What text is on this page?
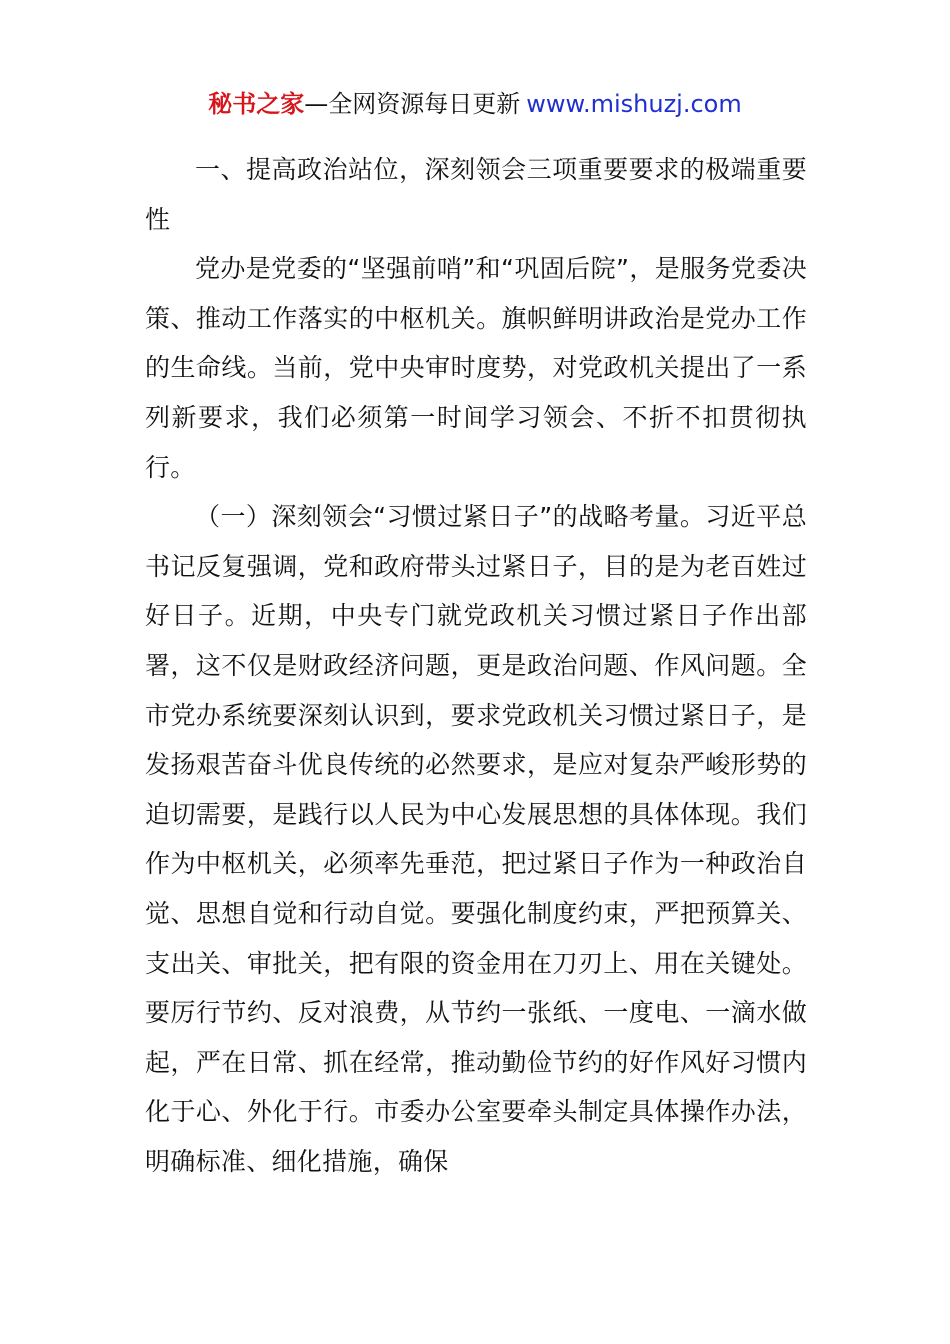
秘书之家—全网资源每日更新 www.mishuzj.com

一、提高政治站位，深刻领会三项重要要求的极端重要性

党办是党委的“坚强前哨”和“巩固后院”，是服务党委决策、推动工作落实的中枢机关。旗帜鲜明讲政治是党办工作的生命线。当前，党中央审时度势，对党政机关提出了一系列新要求，我们必须第一时间学习领会、不折不扣贯彻执行。

（一）深刻领会“习惯过紧日子”的战略考量。习近平总书记反复强调，党和政府带头过紧日子，目的是为老百姓过好日子。近期，中央专门就党政机关习惯过紧日子作出部署，这不仅是财政经济问题，更是政治问题、作风问题。全市党办系统要深刻认识到，要求党政机关习惯过紧日子，是发扬艰苦奋斗优良传统的必然要求，是应对复杂严峻形势的迫切需要，是践行以人民为中心发展思想的具体体现。我们作为中枢机关，必须率先垂范，把过紧日子作为一种政治自觉、思想自觉和行动自觉。要强化制度约束，严把预算关、支出关、审批关，把有限的资金用在刀刃上、用在关键处。要厉行节约、反对浪费，从节约一张纸、一度电、一滴水做起，严在日常、抓在经常，推动勤俭节约的好作风好习惯内化于心、外化于行。市委办公室要牵头制定具体操作办法，明确标准、细化措施，确保
